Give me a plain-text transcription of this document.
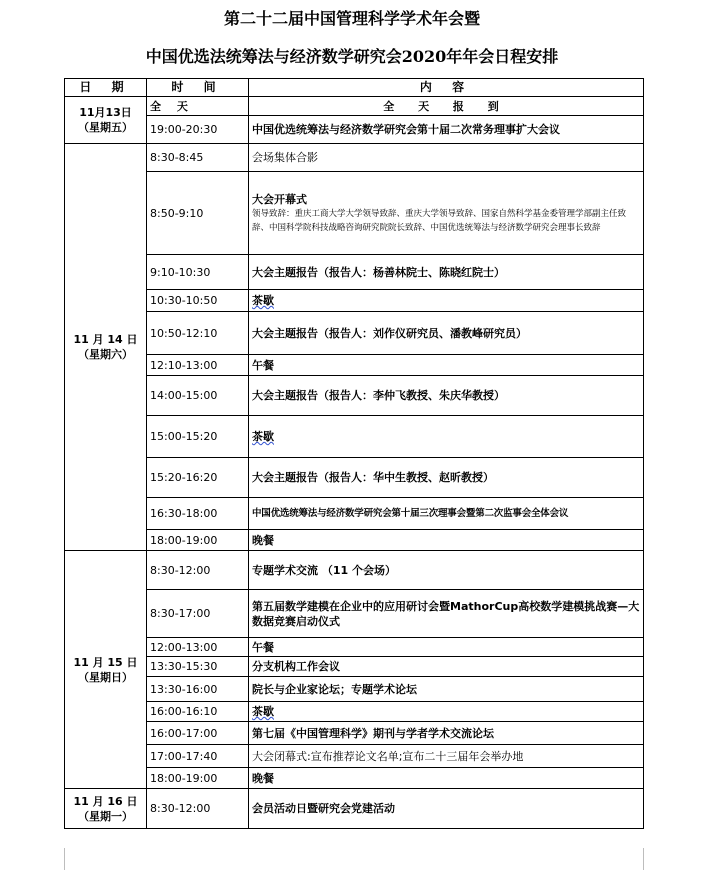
第二十二届中国管理科学学术年会暨
中国优选法统筹法与经济数学研究会2020年年会日程安排
日 期	时 间	内 容

11月13日
（星期五）	全 天	全 天 报 到
	19:00-20:30	中国优选统筹法与经济数学研究会第十届二次常务理事扩大会议

11 月 14 日
（星期六）	8:30-8:45	会场集体合影
	8:50-9:10	大会开幕式
领导致辞：重庆工商大学大学领导致辞、重庆大学领导致辞、国家自然科学基金委管理学部副主任致辞、中国科学院科技战略咨询研究院院长致辞、中国优选统筹法与经济数学研究会理事长致辞

	9:10-10:30	大会主题报告（报告人：杨善林院士、陈晓红院士）
	10:30-10:50	茶歇
	10:50-12:10	大会主题报告（报告人：刘作仪研究员、潘教峰研究员）
	12:10-13:00	午餐
	14:00-15:00	大会主题报告（报告人：李仲飞教授、朱庆华教授）
	15:00-15:20	茶歇
	15:20-16:20	大会主题报告（报告人：华中生教授、赵昕教授）
	16:30-18:00	中国优选统筹法与经济数学研究会第十届三次理事会暨第二次监事会全体会议
	18:00-19:00	晚餐

11 月 15 日
（星期日）	8:30-12:00	专题学术交流 （11 个会场）
	8:30-17:00	第五届数学建模在企业中的应用研讨会暨MathorCup高校数学建模挑战赛—大数据竞赛启动仪式
	12:00-13:00	午餐
	13:30-15:30	分支机构工作会议
	13:30-16:00	院长与企业家论坛；专题学术论坛
	16:00-16:10	茶歇
	16:00-17:00	第七届《中国管理科学》期刊与学者学术交流论坛
	17:00-17:40	大会闭幕式:宣布推荐论文名单;宣布二十三届年会举办地
	18:00-19:00	晚餐

11 月 16 日
（星期一）	8:30-12:00	会员活动日暨研究会党建活动
